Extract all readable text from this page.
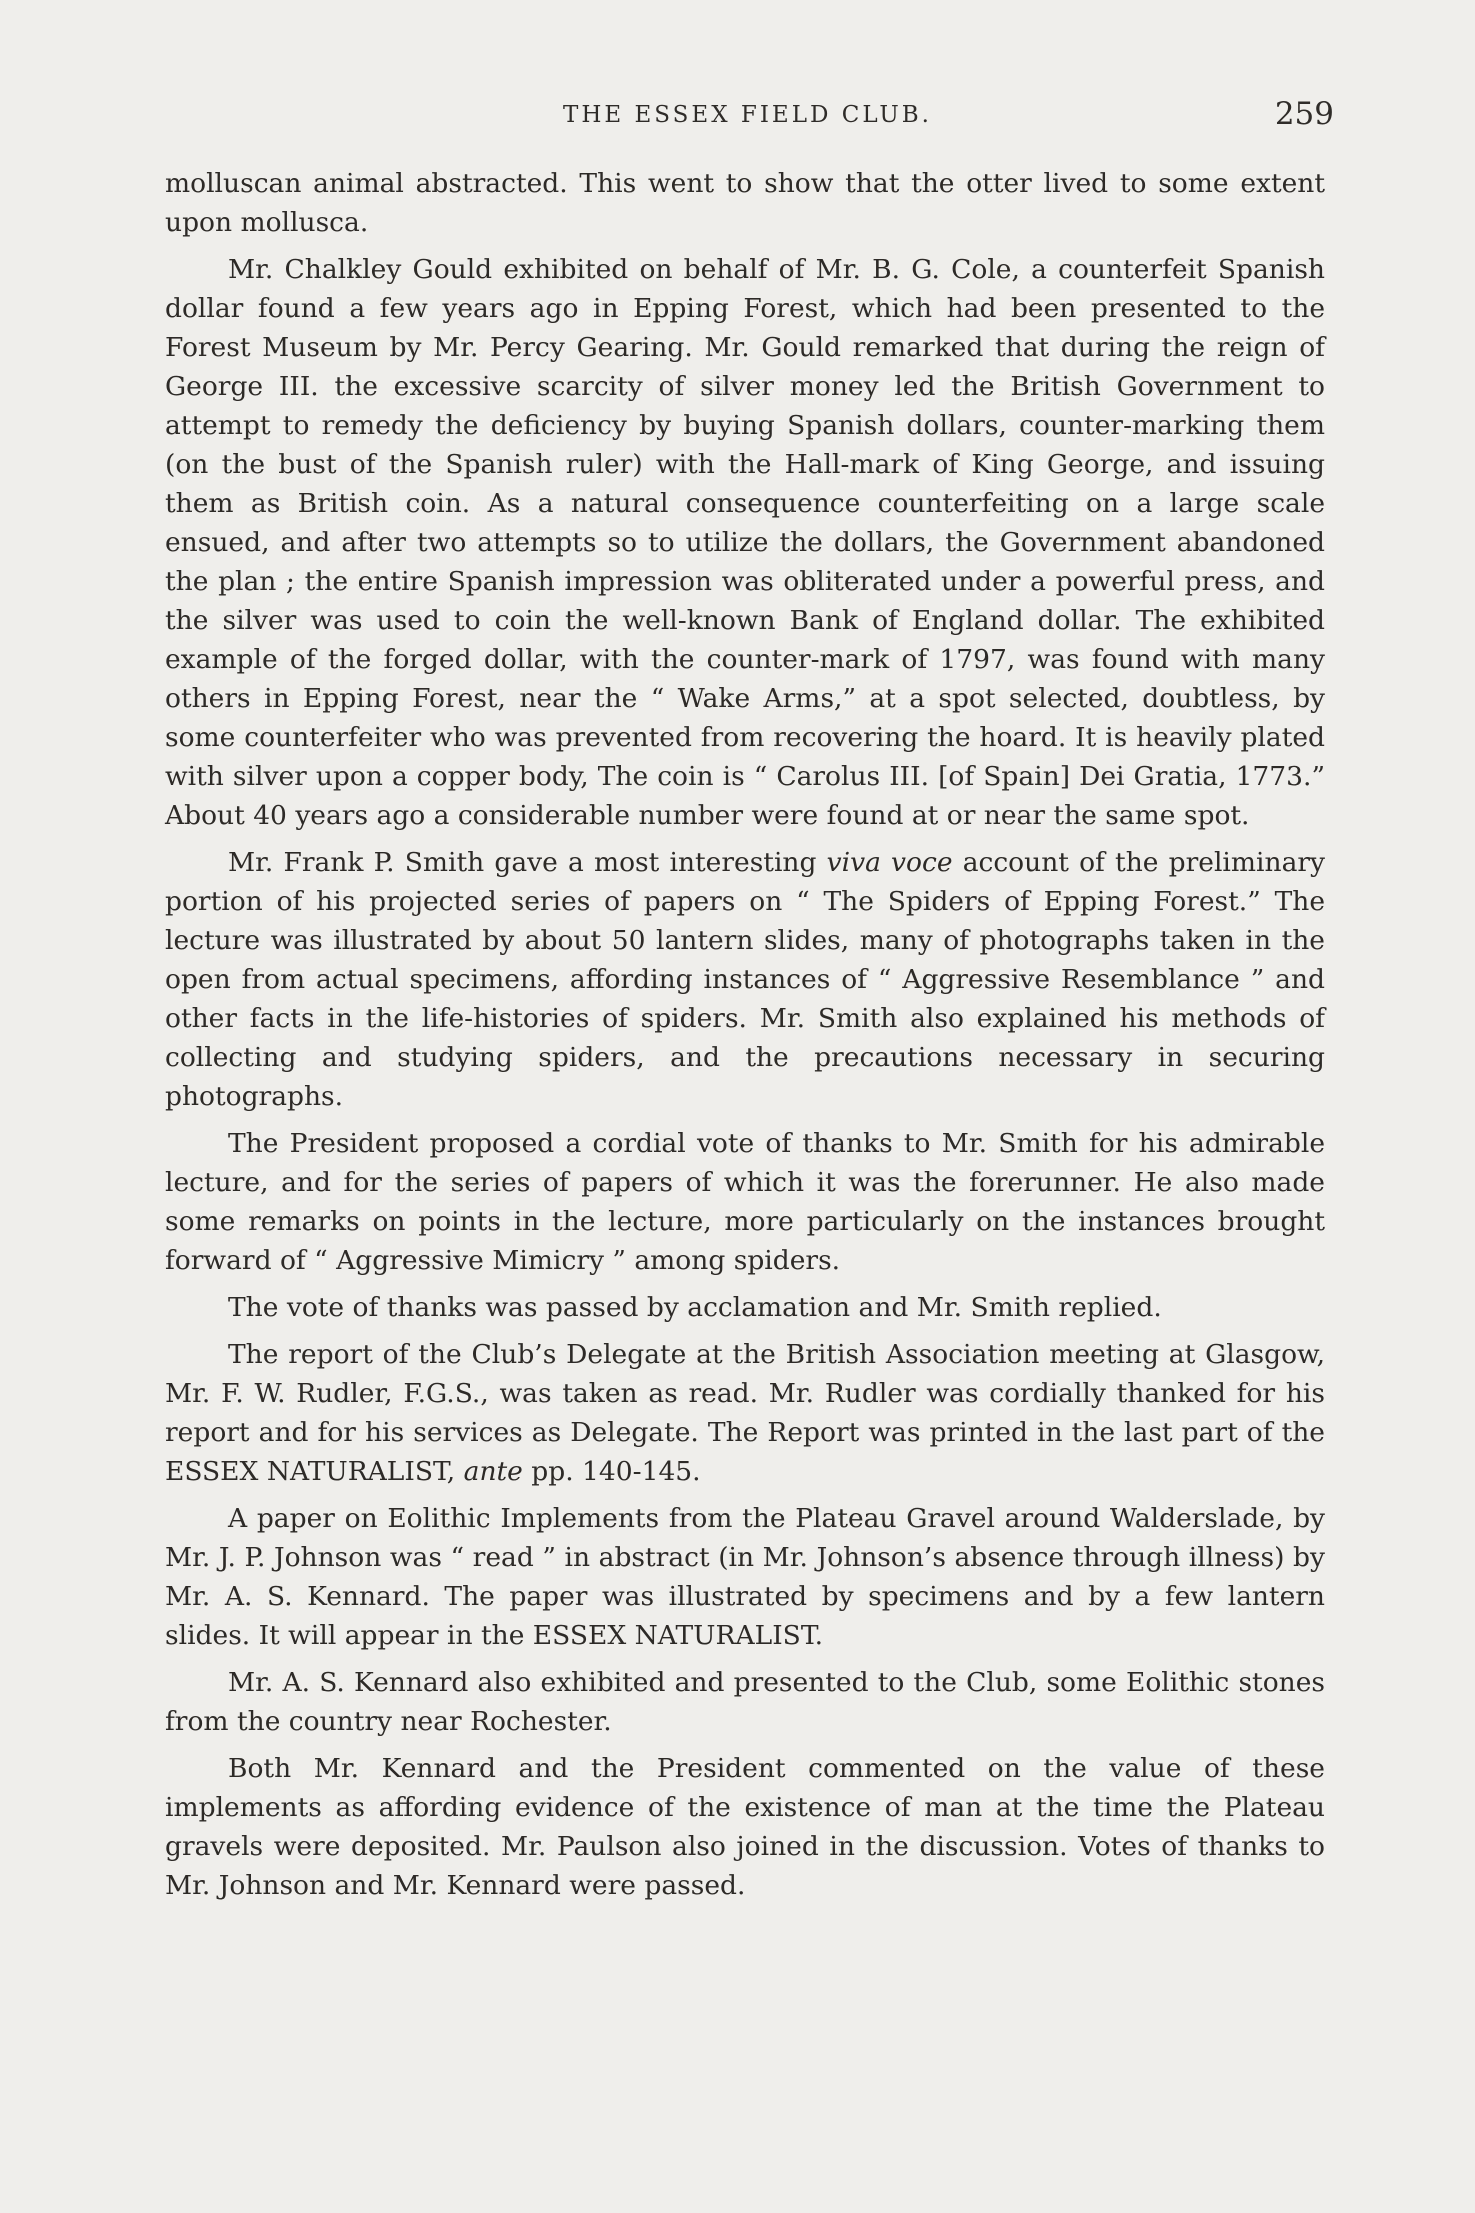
THE ESSEX FIELD CLUB.	259

molluscan animal abstracted. This went to show that the otter lived to some extent upon mollusca.

Mr. Chalkley Gould exhibited on behalf of Mr. B. G. Cole, a counterfeit Spanish dollar found a few years ago in Epping Forest, which had been presented to the Forest Museum by Mr. Percy Gearing. Mr. Gould remarked that during the reign of George III. the excessive scarcity of silver money led the British Government to attempt to remedy the deficiency by buying Spanish dollars, counter-marking them (on the bust of the Spanish ruler) with the Hall-mark of King George, and issuing them as British coin. As a natural consequence counterfeiting on a large scale ensued, and after two attempts so to utilize the dollars, the Government abandoned the plan ; the entire Spanish impression was obliterated under a powerful press, and the silver was used to coin the well-known Bank of England dollar. The exhibited example of the forged dollar, with the counter-mark of 1797, was found with many others in Epping Forest, near the “ Wake Arms,” at a spot selected, doubtless, by some counterfeiter who was prevented from recovering the hoard. It is heavily plated with silver upon a copper body, The coin is “ Carolus III. [of Spain] Dei Gratia, 1773.” About 40 years ago a considerable number were found at or near the same spot.

Mr. Frank P. Smith gave a most interesting viva voce account of the preliminary portion of his projected series of papers on “ The Spiders of Epping Forest.” The lecture was illustrated by about 50 lantern slides, many of photographs taken in the open from actual specimens, affording instances of “ Aggressive Resemblance ” and other facts in the life-histories of spiders. Mr. Smith also explained his methods of collecting and studying spiders, and the precautions necessary in securing photographs.

The President proposed a cordial vote of thanks to Mr. Smith for his admirable lecture, and for the series of papers of which it was the forerunner. He also made some remarks on points in the lecture, more particularly on the instances brought forward of “ Aggressive Mimicry ” among spiders.

The vote of thanks was passed by acclamation and Mr. Smith replied.

The report of the Club’s Delegate at the British Association meeting at Glasgow, Mr. F. W. Rudler, F.G.S., was taken as read. Mr. Rudler was cordially thanked for his report and for his services as Delegate. The Report was printed in the last part of the ESSEX NATURALIST, ante pp. 140-145.

A paper on Eolithic Implements from the Plateau Gravel around Walderslade, by Mr. J. P. Johnson was “ read ” in abstract (in Mr. Johnson’s absence through illness) by Mr. A. S. Kennard. The paper was illustrated by specimens and by a few lantern slides. It will appear in the ESSEX NATURALIST.

Mr. A. S. Kennard also exhibited and presented to the Club, some Eolithic stones from the country near Rochester.

Both Mr. Kennard and the President commented on the value of these implements as affording evidence of the existence of man at the time the Plateau gravels were deposited. Mr. Paulson also joined in the discussion. Votes of thanks to Mr. Johnson and Mr. Kennard were passed.
